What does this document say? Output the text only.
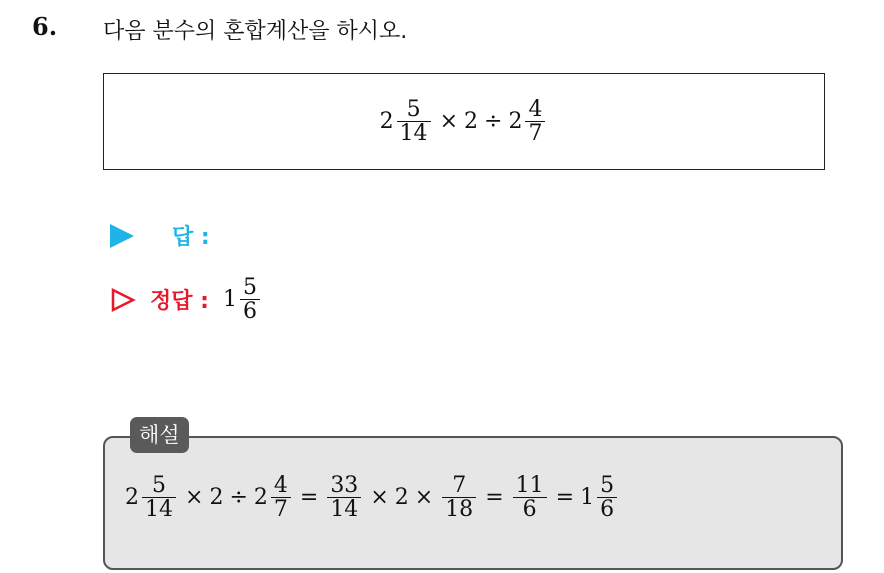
6. 다음 분수의 혼합계산을 하시오.
$2 \frac{5}{14} \times 2 \div 2 \frac{4}{7}$
답 :
정답 : $1 \frac{5}{6}$
해설
$2 \frac{5}{14} \times 2 \div 2 \frac{4}{7} = \frac{33}{14} \times 2 \times \frac{7}{18} = \frac{11}{6} = 1 \frac{5}{6}$
